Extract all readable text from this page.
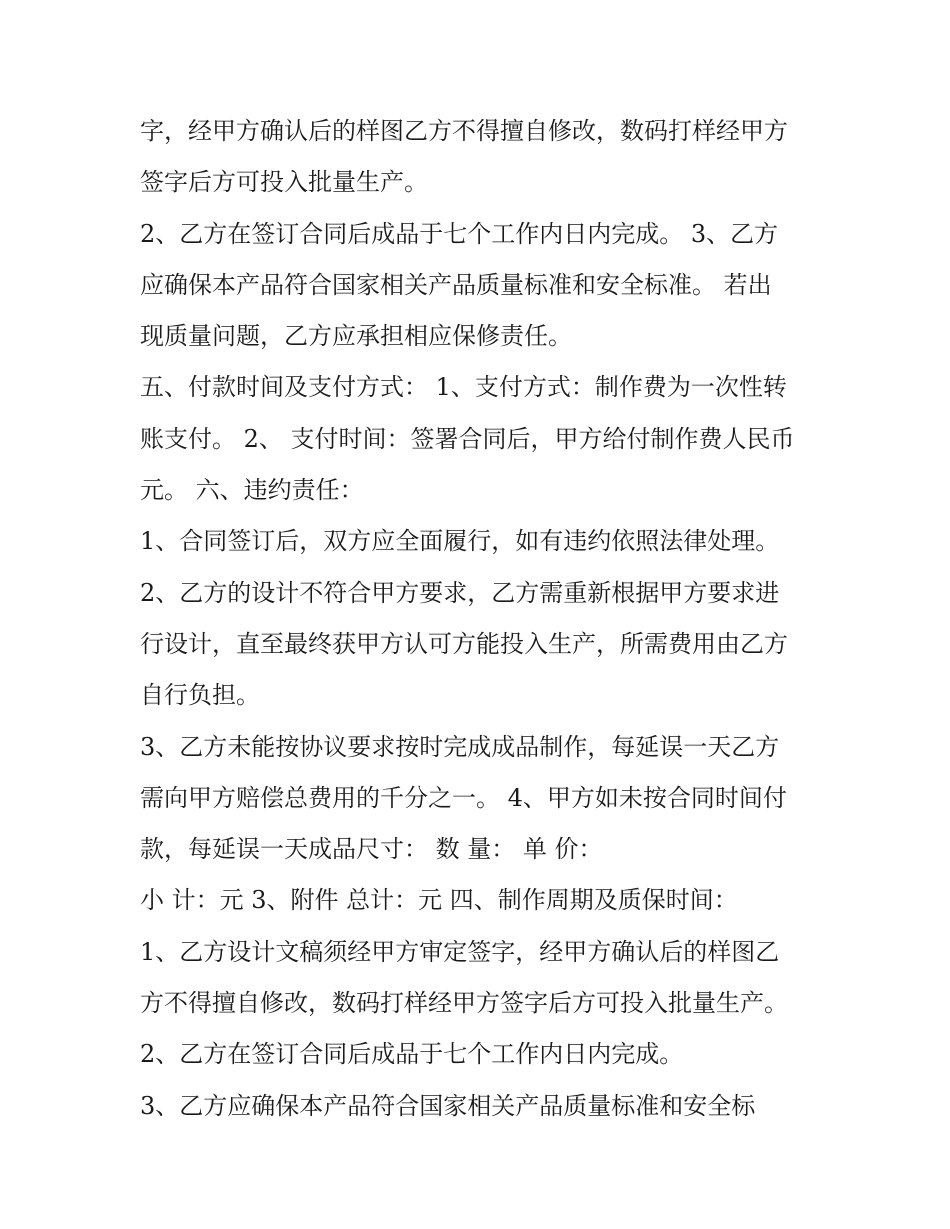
字，经甲方确认后的样图乙方不得擅自修改，数码打样经甲方
签字后方可投入批量生产。
2、乙方在签订合同后成品于七个工作内日内完成。 3、乙方
应确保本产品符合国家相关产品质量标准和安全标准。 若出
现质量问题，乙方应承担相应保修责任。
五、付款时间及支付方式： 1、支付方式：制作费为一次性转
账支付。 2、 支付时间：签署合同后，甲方给付制作费人民币
元。 六、违约责任：
1、合同签订后，双方应全面履行，如有违约依照法律处理。
2、乙方的设计不符合甲方要求，乙方需重新根据甲方要求进
行设计，直至最终获甲方认可方能投入生产，所需费用由乙方
自行负担。
3、乙方未能按协议要求按时完成成品制作，每延误一天乙方
需向甲方赔偿总费用的千分之一。 4、甲方如未按合同时间付
款，每延误一天成品尺寸： 数 量： 单 价：
小 计：元 3、附件 总计：元 四、制作周期及质保时间：
1、乙方设计文稿须经甲方审定签字，经甲方确认后的样图乙
方不得擅自修改，数码打样经甲方签字后方可投入批量生产。
2、乙方在签订合同后成品于七个工作内日内完成。
3、乙方应确保本产品符合国家相关产品质量标准和安全标
